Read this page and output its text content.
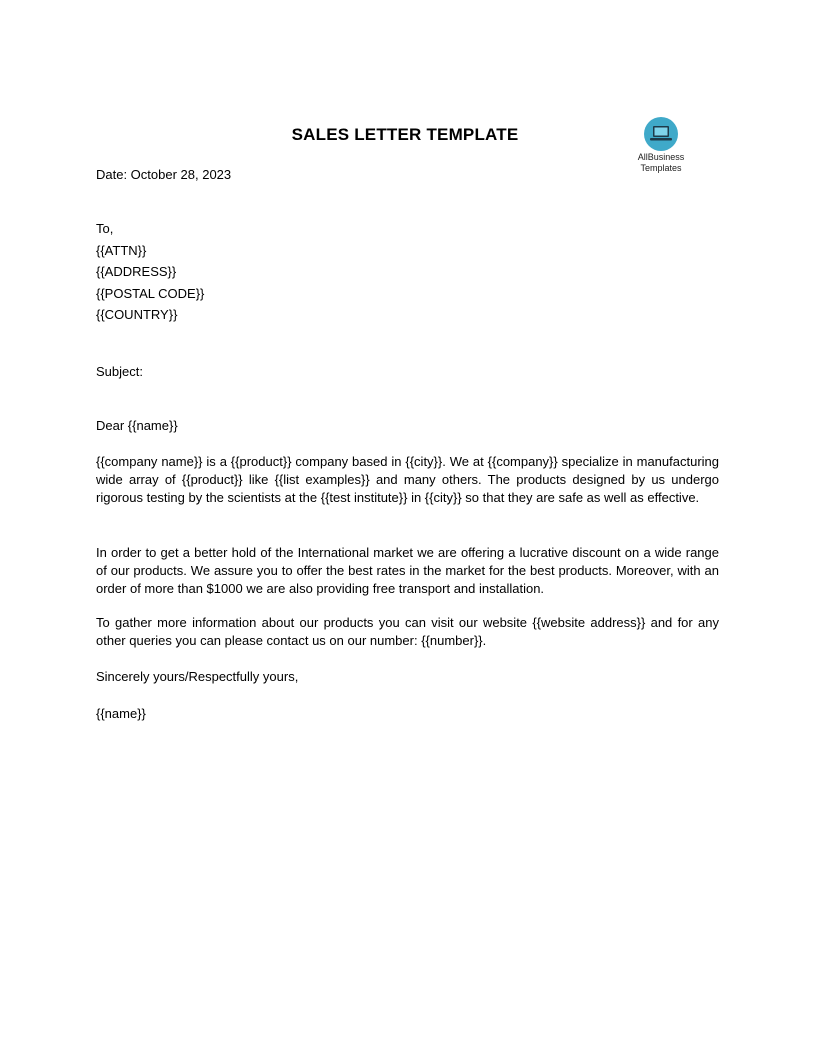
SALES LETTER TEMPLATE
AllBusiness
Templates
Date: October 28, 2023
To,
{{ATTN}}
{{ADDRESS}}
{{POSTAL CODE}}
{{COUNTRY}}
Subject:
Dear {{name}}
{{company name}} is a {{product}} company based in {{city}}. We at {{company}} specialize in manufacturing wide array of {{product}} like {{list examples}} and many others. The products designed by us undergo rigorous testing by the scientists at the {{test institute}} in {{city}} so that they are safe as well as effective.
In order to get a better hold of the International market we are offering a lucrative discount on a wide range of our products. We assure you to offer the best rates in the market for the best products. Moreover, with an order of more than $1000 we are also providing free transport and installation.
To gather more information about our products you can visit our website {{website address}} and for any other queries you can please contact us on our number: {{number}}.
Sincerely yours/Respectfully yours,
{{name}}
